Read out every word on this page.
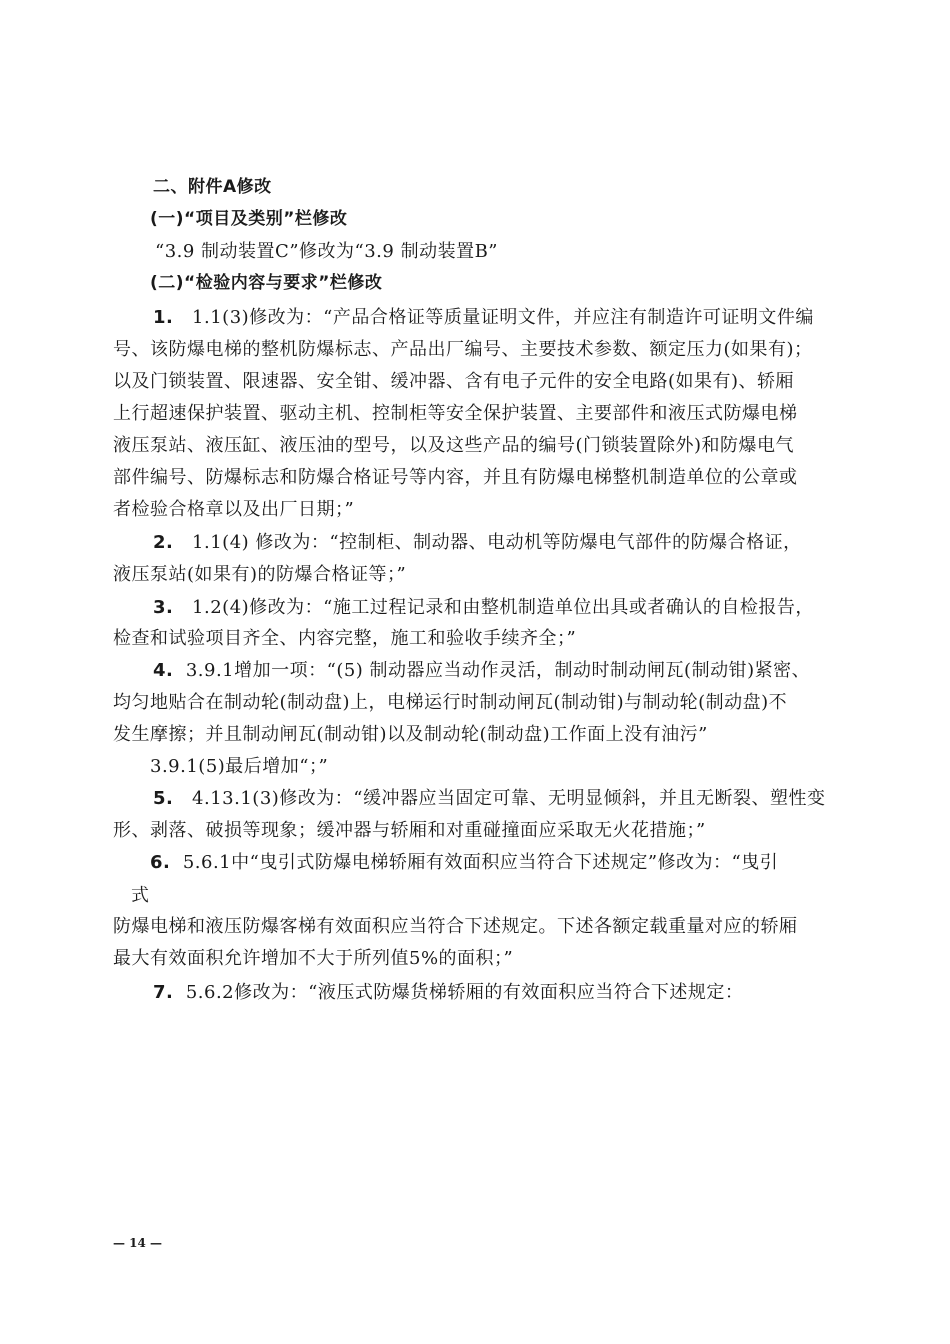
二、附件A修改
(一)“项目及类别”栏修改
“3.9 制动装置C”修改为“3.9 制动装置B”
(二)“检验内容与要求”栏修改
1. 1.1(3)修改为：“产品合格证等质量证明文件，并应注有制造许可证明文件编
号、该防爆电梯的整机防爆标志、产品出厂编号、主要技术参数、额定压力(如果有)；
以及门锁装置、限速器、安全钳、缓冲器、含有电子元件的安全电路(如果有)、轿厢
上行超速保护装置、驱动主机、控制柜等安全保护装置、主要部件和液压式防爆电梯
液压泵站、液压缸、液压油的型号，以及这些产品的编号(门锁装置除外)和防爆电气
部件编号、防爆标志和防爆合格证号等内容，并且有防爆电梯整机制造单位的公章或
者检验合格章以及出厂日期；”
2. 1.1(4) 修改为：“控制柜、制动器、电动机等防爆电气部件的防爆合格证，
液压泵站(如果有)的防爆合格证等；”
3. 1.2(4)修改为：“施工过程记录和由整机制造单位出具或者确认的自检报告，
检查和试验项目齐全、内容完整，施工和验收手续齐全；”
4. 3.9.1增加一项：“(5) 制动器应当动作灵活，制动时制动闸瓦(制动钳)紧密、
均匀地贴合在制动轮(制动盘)上，电梯运行时制动闸瓦(制动钳)与制动轮(制动盘)不
发生摩擦；并且制动闸瓦(制动钳)以及制动轮(制动盘)工作面上没有油污”
3.9.1(5)最后增加“；”
5. 4.13.1(3)修改为：“缓冲器应当固定可靠、无明显倾斜，并且无断裂、塑性变
形、剥落、破损等现象；缓冲器与轿厢和对重碰撞面应采取无火花措施；”
6. 5.6.1中“曳引式防爆电梯轿厢有效面积应当符合下述规定”修改为：“曳引
式
防爆电梯和液压防爆客梯有效面积应当符合下述规定。下述各额定载重量对应的轿厢
最大有效面积允许增加不大于所列值5%的面积；”
7. 5.6.2修改为：“液压式防爆货梯轿厢的有效面积应当符合下述规定：
— 14 —
